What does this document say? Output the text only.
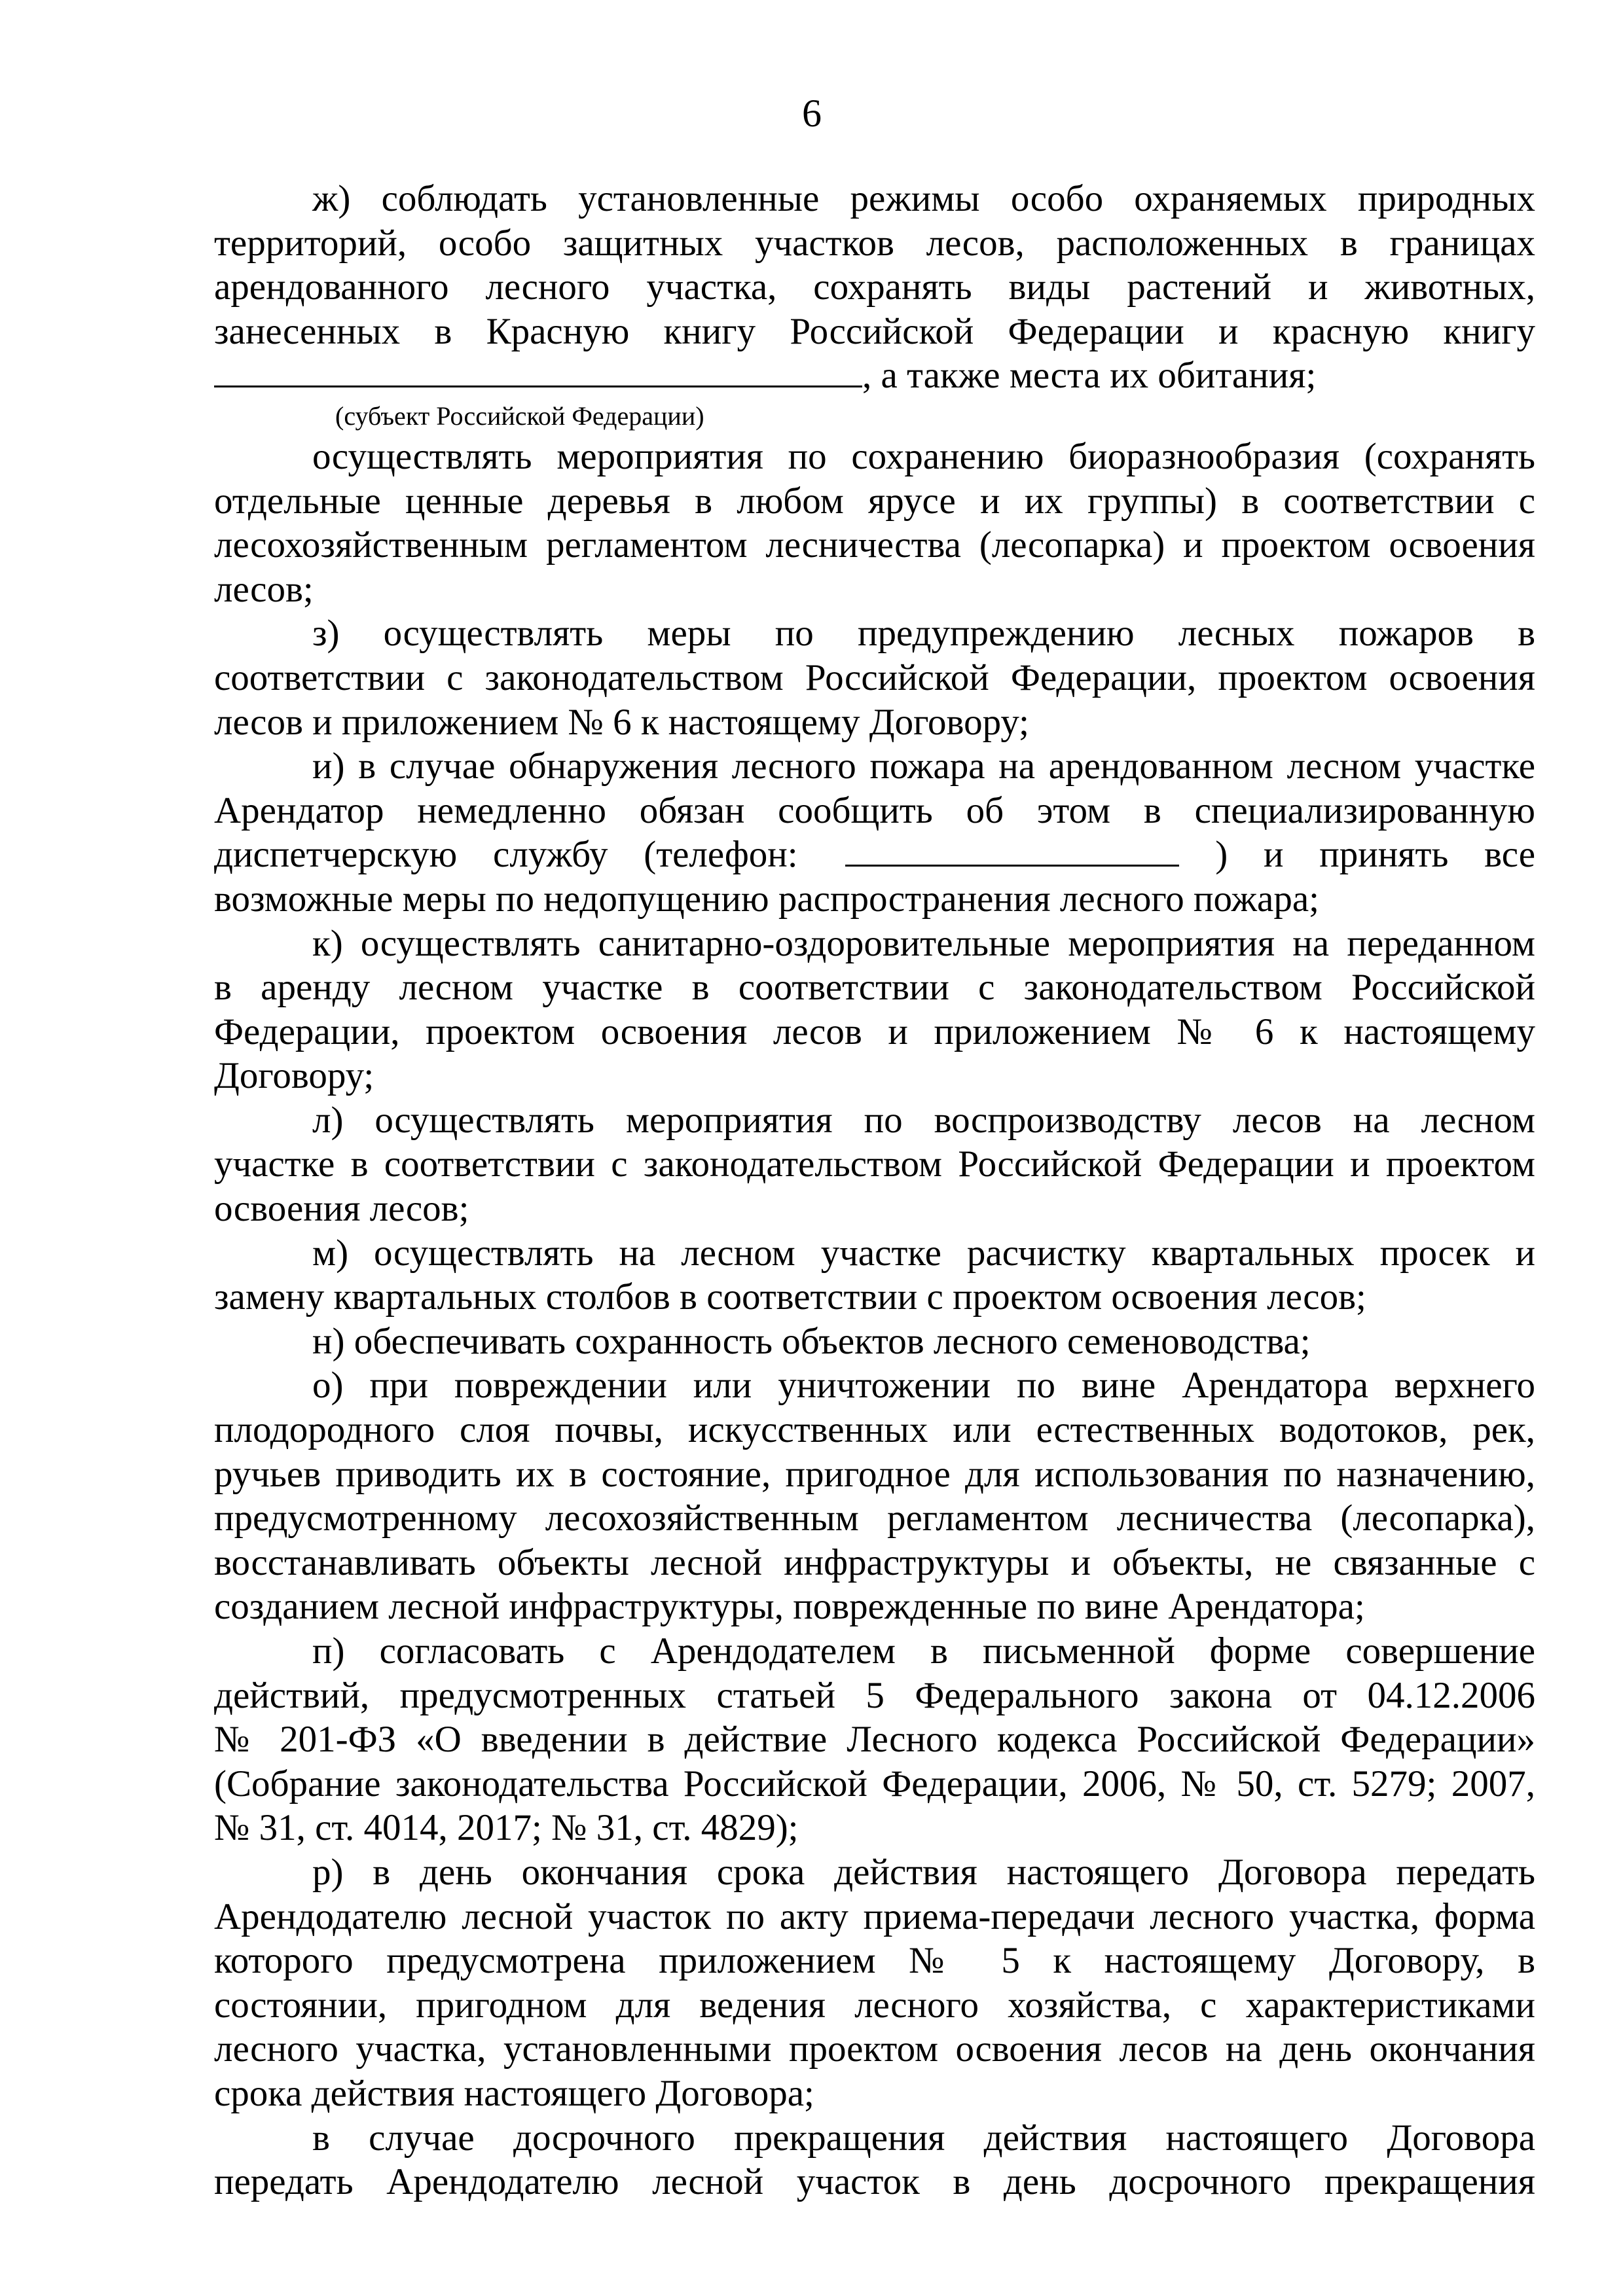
6
ж) соблюдать установленные режимы особо охраняемых природных
территорий, особо защитных участков лесов, расположенных в границах
арендованного лесного участка, сохранять виды растений и животных,
занесенных в Красную книгу Российской Федерации и красную книгу
, а также места их обитания;
(субъект Российской Федерации)
осуществлять мероприятия по сохранению биоразнообразия (сохранять
отдельные ценные деревья в любом ярусе и их группы) в соответствии с
лесохозяйственным регламентом лесничества (лесопарка) и проектом освоения
лесов;
з) осуществлять меры по предупреждению лесных пожаров в
соответствии с законодательством Российской Федерации, проектом освоения
лесов и приложением № 6 к настоящему Договору;
и) в случае обнаружения лесного пожара на арендованном лесном участке
Арендатор немедленно обязан сообщить об этом в специализированную
диспетчерскую службу (телефон:	) и принять все
возможные меры по недопущению распространения лесного пожара;
к) осуществлять санитарно-оздоровительные мероприятия на переданном
в аренду лесном участке в соответствии с законодательством Российской
Федерации, проектом освоения лесов и приложением № 6 к настоящему
Договору;
л) осуществлять мероприятия по воспроизводству лесов на лесном
участке в соответствии с законодательством Российской Федерации и проектом
освоения лесов;
м) осуществлять на лесном участке расчистку квартальных просек и
замену квартальных столбов в соответствии с проектом освоения лесов;
н) обеспечивать сохранность объектов лесного семеноводства;
о) при повреждении или уничтожении по вине Арендатора верхнего
плодородного слоя почвы, искусственных или естественных водотоков, рек,
ручьев приводить их в состояние, пригодное для использования по назначению,
предусмотренному лесохозяйственным регламентом лесничества (лесопарка),
восстанавливать объекты лесной инфраструктуры и объекты, не связанные с
созданием лесной инфраструктуры, поврежденные по вине Арендатора;
п) согласовать с Арендодателем в письменной форме совершение
действий, предусмотренных статьей 5 Федерального закона от 04.12.2006
№ 201-ФЗ «О введении в действие Лесного кодекса Российской Федерации»
(Собрание законодательства Российской Федерации, 2006, № 50, ст. 5279; 2007,
№ 31, ст. 4014, 2017; № 31, ст. 4829);
р) в день окончания срока действия настоящего Договора передать
Арендодателю лесной участок по акту приема-передачи лесного участка, форма
которого предусмотрена приложением № 5 к настоящему Договору, в
состоянии, пригодном для ведения лесного хозяйства, с характеристиками
лесного участка, установленными проектом освоения лесов на день окончания
срока действия настоящего Договора;
в случае досрочного прекращения действия настоящего Договора
передать Арендодателю лесной участок в день досрочного прекращения
